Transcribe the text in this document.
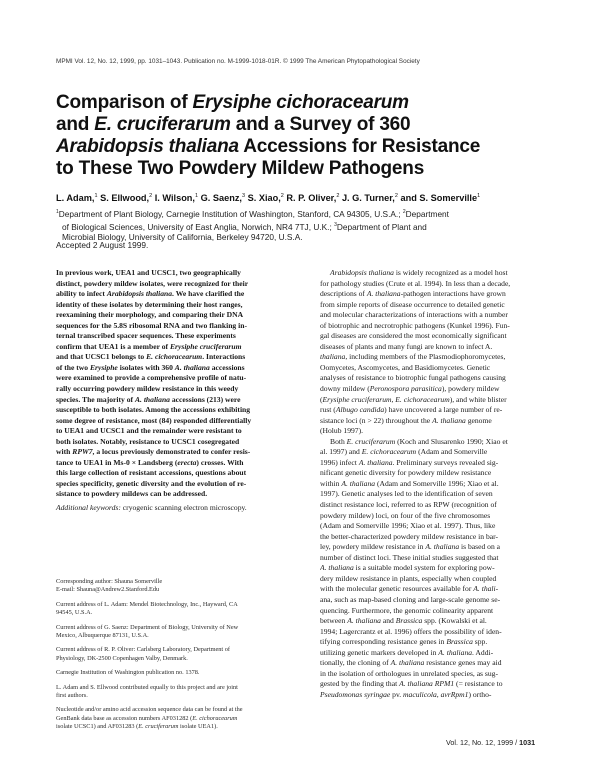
MPMI Vol. 12, No. 12, 1999, pp. 1031–1043. Publication no. M-1999-1018-01R. © 1999 The American Phytopathological Society
Comparison of Erysiphe cichoracearum
and E. cruciferarum and a Survey of 360
Arabidopsis thaliana Accessions for Resistance
to These Two Powdery Mildew Pathogens
L. Adam,$^1$ S. Ellwood,$^2$ I. Wilson,$^1$ G. Saenz,$^3$ S. Xiao,$^2$ R. P. Oliver,$^2$ J. G. Turner,$^2$ and S. Somerville$^1$
$^1$Department of Plant Biology, Carnegie Institution of Washington, Stanford, CA 94305, U.S.A.; $^2$Department
of Biological Sciences, University of East Anglia, Norwich, NR4 7TJ, U.K.; $^3$Department of Plant and
Microbial Biology, University of California, Berkeley 94720, U.S.A.
Accepted 2 August 1999.

In previous work, UEA1 and UCSC1, two geographically
distinct, powdery mildew isolates, were recognized for their
ability to infect Arabidopsis thaliana. We have clarified the
identity of these isolates by determining their host ranges,
reexamining their morphology, and comparing their DNA
sequences for the 5.8S ribosomal RNA and two flanking in-
ternal transcribed spacer sequences. These experiments
confirm that UEA1 is a member of Erysiphe cruciferarum
and that UCSC1 belongs to E. cichoracearum. Interactions
of the two Erysiphe isolates with 360 A. thaliana accessions
were examined to provide a comprehensive profile of natu-
rally occurring powdery mildew resistance in this weedy
species. The majority of A. thaliana accessions (213) were
susceptible to both isolates. Among the accessions exhibiting
some degree of resistance, most (84) responded differentially
to UEA1 and UCSC1 and the remainder were resistant to
both isolates. Notably, resistance to UCSC1 cosegregated
with RPW7, a locus previously demonstrated to confer resis-
tance to UEA1 in Ms-0 × Landsberg (erecta) crosses. With
this large collection of resistant accessions, questions about
species specificity, genetic diversity and the evolution of re-
sistance to powdery mildews can be addressed.

Additional keywords: cryogenic scanning electron microscopy.
Corresponding author: Shauna Somerville
E-mail: Shauna@Andrew2.Stanford.Edu
Current address of L. Adam: Mendel Biotechnology, Inc., Hayward, CA
94545, U.S.A.
Current address of G. Saenz: Department of Biology, University of New
Mexico, Albuquerque 87131, U.S.A.
Current address of R. P. Oliver: Carlsberg Laboratory, Department of
Physiology, DK-2500 Copenhagen Valby, Denmark.
Carnegie Institution of Washington publication no. 1378.
L. Adam and S. Ellwood contributed equally to this project and are joint
first authors.
Nucleotide and/or amino acid accession sequence data can be found at the
GenBank data base as accession numbers AF031282 (E. cichoracearum
isolate UCSC1) and AF031283 (E. cruciferarum isolate UEA1).

Arabidopsis thaliana is widely recognized as a model host
for pathology studies (Crute et al. 1994). In less than a decade,
descriptions of A. thaliana-pathogen interactions have grown
from simple reports of disease occurrence to detailed genetic
and molecular characterizations of interactions with a number
of biotrophic and necrotrophic pathogens (Kunkel 1996). Fun-
gal diseases are considered the most economically significant
diseases of plants and many fungi are known to infect A.
thaliana, including members of the Plasmodiophoromycetes,
Oomycetes, Ascomycetes, and Basidiomycetes. Genetic
analyses of resistance to biotrophic fungal pathogens causing
downy mildew (Peronospora parasitica), powdery mildew
(Erysiphe cruciferarum, E. cichoracearum), and white blister
rust (Albugo candida) have uncovered a large number of re-
sistance loci (n > 22) throughout the A. thaliana genome
(Holub 1997).

Both E. cruciferarum (Koch and Slusarenko 1990; Xiao et
al. 1997) and E. cichoracearum (Adam and Somerville
1996) infect A. thaliana. Preliminary surveys revealed sig-
nificant genetic diversity for powdery mildew resistance
within A. thaliana (Adam and Somerville 1996; Xiao et al.
1997). Genetic analyses led to the identification of seven
distinct resistance loci, referred to as RPW (recognition of
powdery mildew) loci, on four of the five chromosomes
(Adam and Somerville 1996; Xiao et al. 1997). Thus, like
the better-characterized powdery mildew resistance in bar-
ley, powdery mildew resistance in A. thaliana is based on a
number of distinct loci. These initial studies suggested that
A. thaliana is a suitable model system for exploring pow-
dery mildew resistance in plants, especially when coupled
with the molecular genetic resources available for A. thali-
ana, such as map-based cloning and large-scale genome se-
quencing. Furthermore, the genomic colinearity apparent
between A. thaliana and Brassica spp. (Kowalski et al.
1994; Lagercrantz et al. 1996) offers the possibility of iden-
tifying corresponding resistance genes in Brassica spp.
utilizing genetic markers developed in A. thaliana. Addi-
tionally, the cloning of A. thaliana resistance genes may aid
in the isolation of orthologues in unrelated species, as sug-
gested by the finding that A. thaliana RPM1 (= resistance to
Pseudomonas syringae pv. maculicola, avrRpm1) ortho-

Vol. 12, No. 12, 1999 / 1031
